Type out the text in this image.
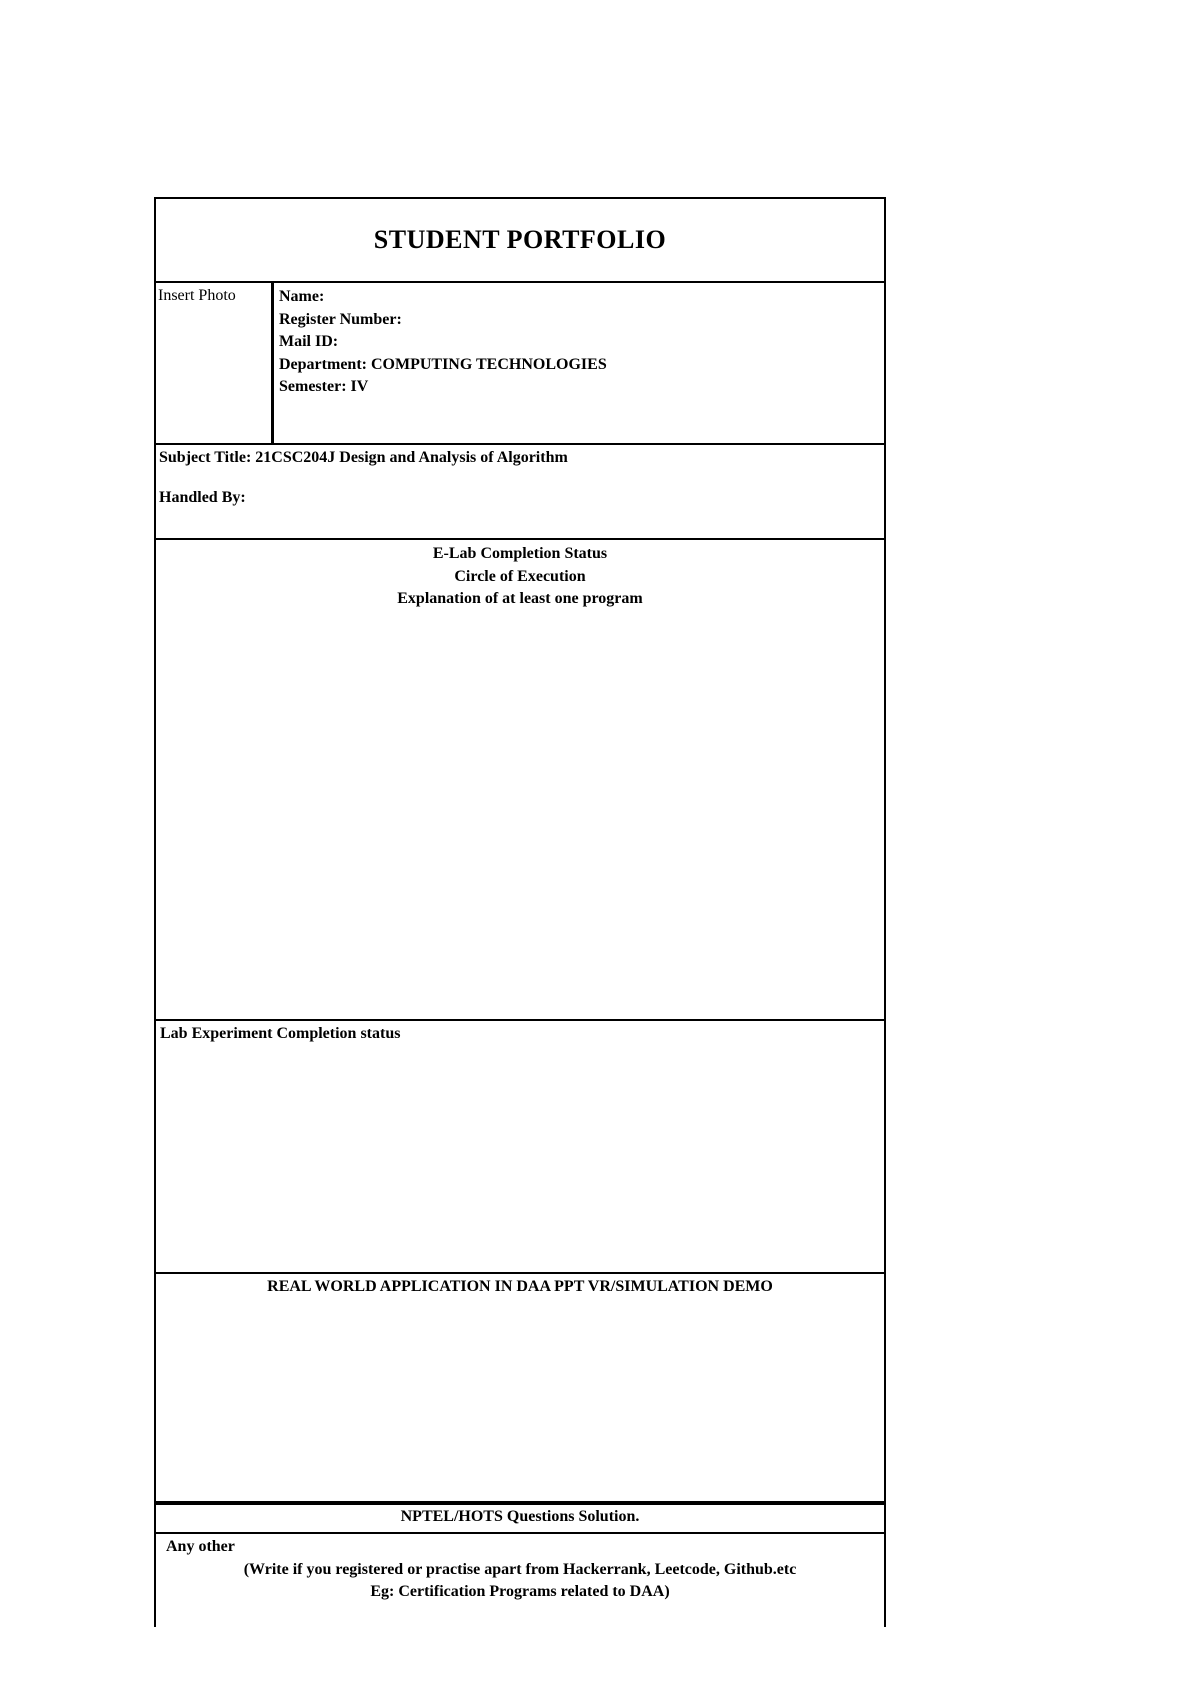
STUDENT PORTFOLIO
Insert Photo	Name:
Register Number:
Mail ID:
Department: COMPUTING TECHNOLOGIES
Semester: IV
Subject Title: 21CSC204J Design and Analysis of Algorithm
Handled By:
E-Lab Completion Status
Circle of Execution
Explanation of at least one program
Lab Experiment Completion status
REAL WORLD APPLICATION IN DAA PPT VR/SIMULATION DEMO
NPTEL/HOTS Questions Solution.
Any other
(Write if you registered or practise apart from Hackerrank, Leetcode, Github.etc
Eg: Certification Programs related to DAA)
